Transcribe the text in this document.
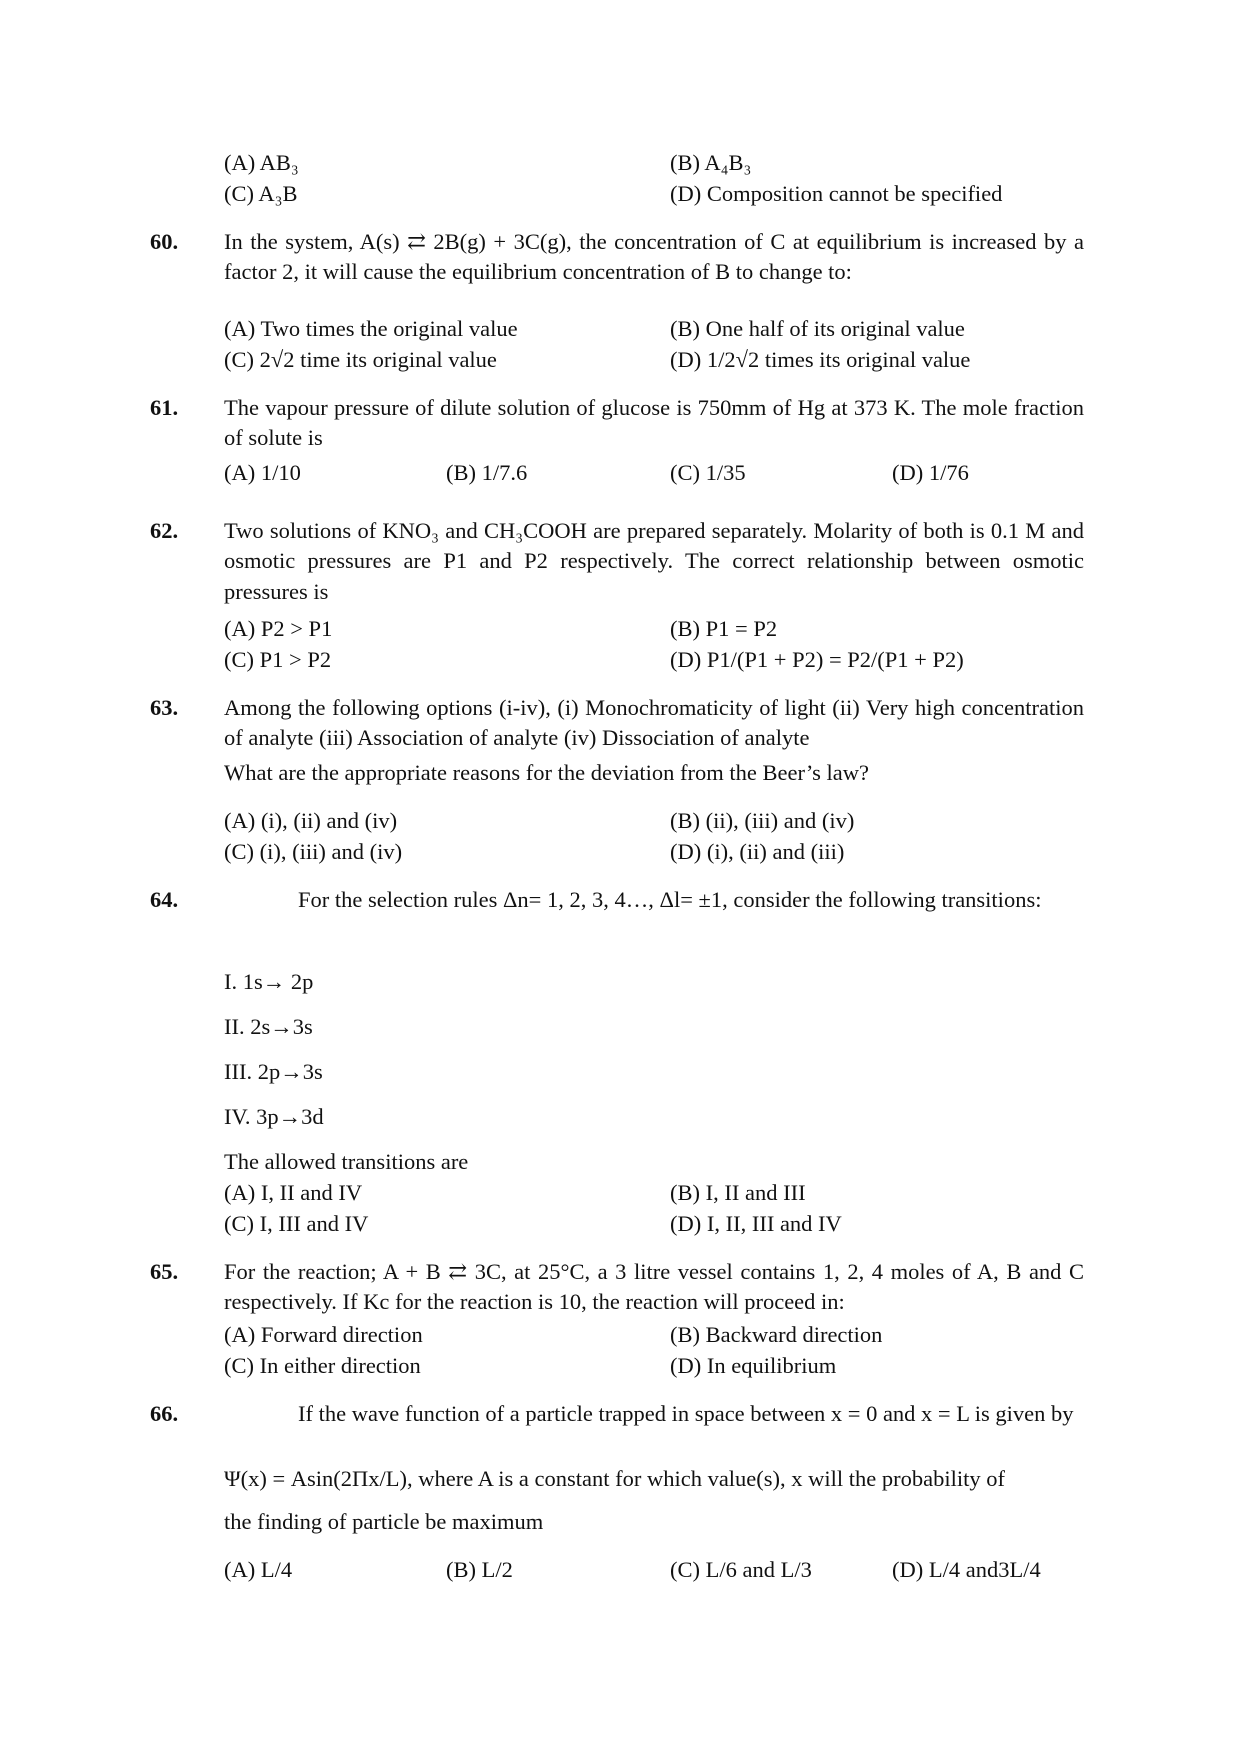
(A) AB₃	(B) A₄B₃
(C) A₃B	(D) Composition cannot be specified
60. In the system, A(s) ⇄ 2B(g) + 3C(g), the concentration of C at equilibrium is increased by a factor 2, it will cause the equilibrium concentration of B to change to:
(A) Two times the original value	(B) One half of its original value
(C) 2√2 time its original value	(D) 1/2√2 times its original value
61. The vapour pressure of dilute solution of glucose is 750mm of Hg at 373 K. The mole fraction of solute is
(A) 1/10	(B) 1/7.6	(C) 1/35	(D) 1/76
62. Two solutions of KNO₃ and CH₃COOH are prepared separately. Molarity of both is 0.1 M and osmotic pressures are P1 and P2 respectively. The correct relationship between osmotic pressures is
(A) P2 > P1	(B) P1 = P2
(C) P1 > P2	(D) P1/(P1 + P2) = P2/(P1 + P2)
63. Among the following options (i-iv), (i) Monochromaticity of light (ii) Very high concentration of analyte (iii) Association of analyte (iv) Dissociation of analyte
What are the appropriate reasons for the deviation from the Beer’s law?
(A) (i), (ii) and (iv)	(B) (ii), (iii) and (iv)
(C) (i), (iii) and (iv)	(D) (i), (ii) and (iii)
64.	For the selection rules Δn= 1, 2, 3, 4…, Δl= ±1, consider the following transitions:
I. 1s→ 2p
II. 2s→3s
III. 2p→3s
IV. 3p→3d
The allowed transitions are
(A) I, II and IV	(B) I, II and III
(C) I, III and IV	(D) I, II, III and IV
65. For the reaction; A + B ⇄ 3C, at 25°C, a 3 litre vessel contains 1, 2, 4 moles of A, B and C respectively. If Kc for the reaction is 10, the reaction will proceed in:
(A) Forward direction	(B) Backward direction
(C) In either direction	(D) In equilibrium
66.	If the wave function of a particle trapped in space between x = 0 and x = L is given by
Ψ(x) = Asin(2Πx/L), where A is a constant for which value(s), x will the probability of
the finding of particle be maximum
(A) L/4	(B) L/2	(C) L/6 and L/3	(D) L/4 and3L/4
